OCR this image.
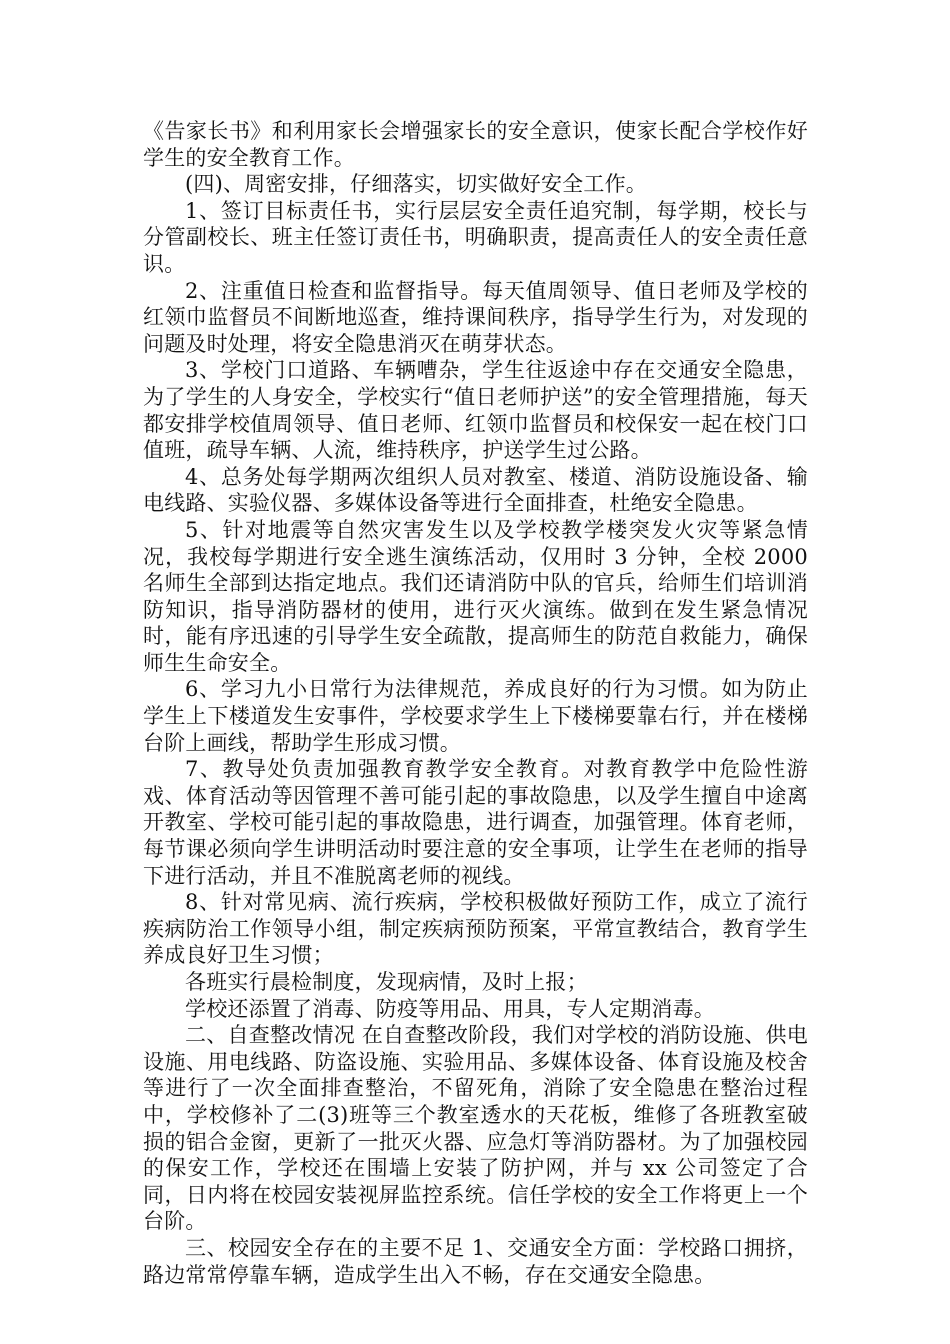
《告家长书》和利用家长会增强家长的安全意识，使家长配合学校作好学生的安全教育工作。

(四)、周密安排，仔细落实，切实做好安全工作。

1、签订目标责任书，实行层层安全责任追究制，每学期，校长与分管副校长、班主任签订责任书，明确职责，提高责任人的安全责任意识。

2、注重值日检查和监督指导。每天值周领导、值日老师及学校的红领巾监督员不间断地巡查，维持课间秩序，指导学生行为，对发现的问题及时处理，将安全隐患消灭在萌芽状态。

3、学校门口道路、车辆嘈杂，学生往返途中存在交通安全隐患，为了学生的人身安全，学校实行“值日老师护送”的安全管理措施，每天都安排学校值周领导、值日老师、红领巾监督员和校保安一起在校门口值班，疏导车辆、人流，维持秩序，护送学生过公路。

4、总务处每学期两次组织人员对教室、楼道、消防设施设备、输电线路、实验仪器、多媒体设备等进行全面排查，杜绝安全隐患。

5、针对地震等自然灾害发生以及学校教学楼突发火灾等紧急情况，我校每学期进行安全逃生演练活动，仅用时 3 分钟，全校 2000 名师生全部到达指定地点。我们还请消防中队的官兵，给师生们培训消防知识，指导消防器材的使用，进行灭火演练。做到在发生紧急情况时，能有序迅速的引导学生安全疏散，提高师生的防范自救能力，确保师生生命安全。

6、学习九小日常行为法律规范，养成良好的行为习惯。如为防止学生上下楼道发生安事件，学校要求学生上下楼梯要靠右行，并在楼梯台阶上画线，帮助学生形成习惯。

7、教导处负责加强教育教学安全教育。对教育教学中危险性游戏、体育活动等因管理不善可能引起的事故隐患，以及学生擅自中途离开教室、学校可能引起的事故隐患，进行调查，加强管理。体育老师，每节课必须向学生讲明活动时要注意的安全事项，让学生在老师的指导下进行活动，并且不准脱离老师的视线。

8、针对常见病、流行疾病，学校积极做好预防工作，成立了流行疾病防治工作领导小组，制定疾病预防预案，平常宣教结合，教育学生养成良好卫生习惯；

各班实行晨检制度，发现病情，及时上报；

学校还添置了消毒、防疫等用品、用具，专人定期消毒。

二、自查整改情况 在自查整改阶段，我们对学校的消防设施、供电设施、用电线路、防盗设施、实验用品、多媒体设备、体育设施及校舍等进行了一次全面排查整治，不留死角，消除了安全隐患在整治过程中，学校修补了二(3)班等三个教室透水的天花板，维修了各班教室破损的铝合金窗，更新了一批灭火器、应急灯等消防器材。为了加强校园的保安工作，学校还在围墙上安装了防护网，并与 xx 公司签定了合同，日内将在校园安装视屏监控系统。信任学校的安全工作将更上一个台阶。

三、校园安全存在的主要不足 1、交通安全方面：学校路口拥挤，路边常常停靠车辆，造成学生出入不畅，存在交通安全隐患。
